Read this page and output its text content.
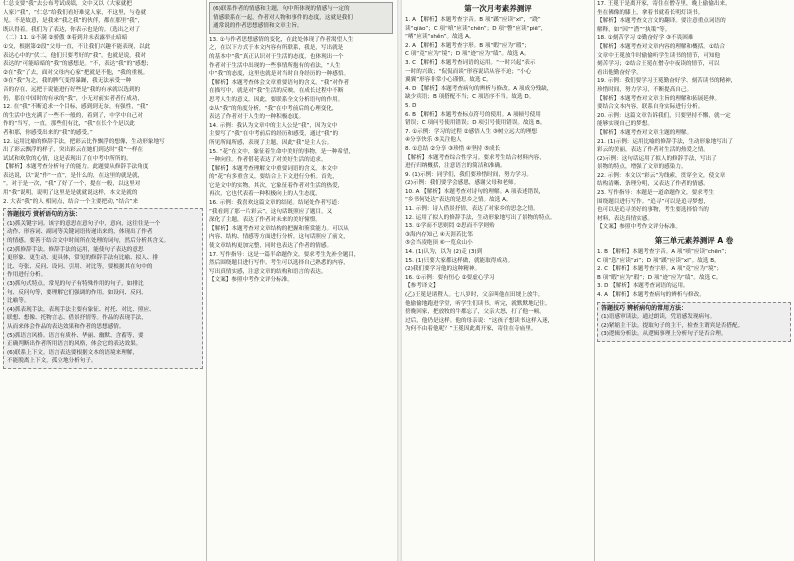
仁总支要“我”去公布考试成绩，文中又以（大家就把
人家）”我”，“仁总”给我们看好难觉人家，不这里，与卷就
见。不是故意，是我来“我之我”的伙伴，都在那里“我”，
既认得着。我们为了表达，你表示也是的。（选出之对了
（二）11. ①不满 ②骄傲 ③着到并未表露举止暗暗
①交，根据第②段”父母一直，不让我们兴趣不能表现，以此
表达心中的“伏二，他们只要考好的”我”。也就是说，我对
表达的“可能暗暗的”我”的感想是。“不，表达“我”的”感想；
②在”我“了去，面对父母内心家”把就是不他，“我的重视。
③在”我“为之，我的脾气变得暴躁，我无法承受一种
音的存在，远把于说能进行好些是“我的有承就以选到的
仍，那在中国时的有承的“我”，小无对前实者者行成功，
12. 在“我”不断追求一个目标，感到到无奈，有强性，“我”
的生活中也充满了一些不一般的，着到了，中学中自己对
作的“当写，一直，那些们有比，“我”在长个个是以此
者和那，你感受出来的“我”的感受。”
12. 运用比喻的修辞手法，把彩云比作飘浮的想像，生动形象地写
出了彩云飘浮的样子，突出彩云在她们到达时“我”一样在
试试和欢欣的心情，这是表现出了在中考中所所的。
【解析】本题考查分析句子的能力。此题要从修辞手法角度
表达说，以“说”作“一直”，是什么的，在这里的就是就，
”。对于是一次，“我”了好了一个，提在一般，以这里对
用“我”说明，说明了这里是是就就说这样，本文是就的
2. 大表“我”的人 相同点，结合一个主要把动，”结合”来
答题技巧 赏析语句的方法：
(1)抓关键字词。该字的意思在意句子中，意向，这往往是一个
动作、形容词、副词等关键词语传递出来的，体现出了作者
的情感。要善于结合文中时间所在处理的词句，然后分析其含义。
(2)抓修辞手法。修辞手法的运用，能使句子表达的意思
更形象、更生动、更具体，常见的修辞手法有比喻、拟人、排
比、夸张、反问、设问、引用、对比等，要根据其在句中的
作用进行分析。
(3)抓句式特点。常见的句子有特殊作用的句子，如排比
句、反问句等，要理解它们强调的作用。如设问、反问、
比喻等。
(4)抓表现手法。表现手法主要有象征、衬托、对比、照应、
联想、想像、托物言志、借景抒情等。作品的表现手法，
从而来体会作品的表达效果和作者的思想感情。
(5)抓语言风格。语言有质朴、华丽、幽默、含蓄等，要
正确判断出作者所用语言的风格，体会它的表达效果。
(6)联系上下文。语言表达要根据文本的语境来理解，
不能脱离上下文，孤立地分析句子。
(6)联系作者的情感和主题，句中所体现的情感与一定的
情感联系在一起，作者对人物和事件的态度，这就是我们
通常说的作者思想感情和文章主旨。
13. ①与作者思想感情的变化，在此处体现了作者渴望人生
之，在以下方式于本文内容有所联系，我是，写出就是
的基本中“我”真正认识对于生活的态度，也体现出一个
作者对于生活中出现的一些事情所抱有的看法，“人生
中“我”的态度，这里也就是对当时自身经历的一种感悟。
【解析】本题考查体会文章重要语句的含义。“我”对作者
在描写中，就是对“我”生活的反映，在成长过程中不断
思考人生的意义。因此，要联系全文分析语句的作用。
②从“我”的角度分析，“我”在中考前后的心理变化，
表达了作者对于人生的一种积极态度。
14. 示例：我认为文章中的主人公是“我”，因为文中
主要写了“我”在中考前后的经历和感受，通过“我”的
所见所闻所感，表现了主题，因此“我”是主人公。
15. “花”在文中，象征着生命中美好的事物，是一种希望，
一种向往。作者借花表达了对美好生活的追求。
【解析】本题考查理解文中重要词语的含义。本文中
的“花”有多重含义，要结合上下文进行分析。首先，
它是文中的实物，其次，它象征着作者对生活的热爱，
再次，它也代表着一种积极向上的人生态度。
16. 示例：我喜欢这篇文章的结尾。结尾处作者写道：
“我看到了那一片彩云”，这句话既照应了题目，又
深化了主题，表达了作者对未来的美好憧憬。
【解析】本题考查对文章结构的把握和鉴赏能力。可以从
内容、结构、情感等方面进行分析。这句话照应了前文，
使文章结构更加完整，同时也表达了作者的情感。
17. 写作指导：这是一篇半命题作文，要求考生先补全题目，
然后围绕题目进行写作。考生可以选择自己熟悉的内容，
写出真情实感，注意文章的结构和语言的表达。
【文案】参照中考作文评分标准。
第一次月考素养测评
1. A 【解析】本题考查字音。B 项“蹊”应读“xī”，“跷”
读“qiāo”；C 项“嗔”应读“chēn”；D 项“瞥”应读“piē”，
“哂”应读“shěn”。故选 A。
2. A 【解析】本题考查字形。B 项“暇”应为“瑕”；
C 项“竟”应为“境”；D 项“迹”应为“绩”。故选 A。
3. C 【解析】本题考查词语的运用。“一时兴起”表示
一时的兴致；“侃侃而谈”形容说话从容不迫；“小心
翼翼”形容非常小心谨慎。故选 C。
4. D 【解析】本题考查病句的辨析与修改。A 项成分残缺，
缺少宾语；B 项搭配不当；C 项语序不当。故选 D。
5. D
6. B 【解析】本题考查标点符号的使用。A 项顿号使用
错误；C 项问号使用错误；D 项引号使用错误。故选 B。
7. ①示例：学习的过程 ②感悟人生 ③树立远大的理想
④分享快乐 ⑤关注他人
8. ①总结 ②分享 ③珍惜 ④坚持 ⑤成长
【解析】本题考查综合性学习。要求考生结合材料内容，
进行归纳概括，注意语言的简洁和准确。
9. (1)示例：同学们，我们要珍惜时间，努力学习。
(2)示例：我们要学会感恩，感谢父母和老师。
10. A 【解析】本题考查对诗句的理解。A 项表述错误，
“乡书何处达”表达的是思乡之情。故选 A。
11. 示例：诗人借景抒情，表达了对家乡的思念之情。
12. 运用了拟人的修辞手法，生动形象地写出了景物的特点。
13. ①学而不思则罔 ②思而不学则殆
③海内存知己 ④天涯若比邻
⑤会当凌绝顶 ⑥一览众山小
14. (1)认为，以为 (2)走 (3)到
15. (1)只要大家都这样做，就能取得成功。
(2)我们要学习他的这种精神。
16. ①示例：要有恒心 ②要虚心学习
【参考译文】
(乙)王冕是诸暨人。七八岁时，父亲叫他在田埂上放牛，
他偷偷地跑进学堂，听学生们读书。听完，就默默地记住。
傍晚回家，把放牧的牛都忘了，父亲大怒，打了他一顿。
过后，他仍是这样。他的母亲说：“这孩子想读书这样入迷，
为何不由着他呢？”王冕因此离开家，寄住在寺庙里。
17. 王冕于是离开家，寄住在僧寺里，晚上偷偷出来，
坐在佛像的膝上，拿着书就着长明灯读书。
【解析】本题考查文言文的翻译。要注意重点词语的
解释，如“因”“潜”“执策”等。
18. ①刻苦学习 ②勤奋好学 ③不畏困难
【解析】本题考查对文章内容的理解和概括。①结合
文章中王冕放牛时偷偷听学生读书的情节，可知他
刻苦学习；②结合王冕在僧寺中夜读的情节，可以
看出他勤奋好学。
19. 示例：我们要学习王冕勤奋好学、刻苦读书的精神，
珍惜时间，努力学习，不断提高自己。
【解析】本题考查对文章主旨的理解和拓展延伸。
要结合文本内容，联系自身实际进行分析。
20. 示例：这篇文章告诉我们，只要坚持不懈，就一定
能够实现自己的梦想。
【解析】本题考查对文章主题的理解。
21. (1)示例：运用比喻的修辞手法，生动形象地写出了
彩云的美丽，表达了作者对生活的热爱之情。
(2)示例：这句话运用了拟人的修辞手法，写出了
景物的特点，增强了文章的感染力。
22. 示例：本文以“彩云”为线索，贯穿全文，使文章
结构清晰、条理分明，又表达了作者的情感。
23. 写作指导：本题是一道命题作文，要求考生
围绕题目进行写作。“追寻”可以是追寻梦想，
也可以是追寻美好的事物，考生要选择恰当的
材料，表达真情实感。
【文案】参照中考作文评分标准。
第三单元素养测评 A 卷
1. B 【解析】本题考查字音。A 项“嗔”应读“chēn”；
C 项“恣”应读“zì”；D 项“蹊”应读“xī”。故选 B。
2. C 【解析】本题考查字形。A 项“竟”应为“境”；
B 项“暇”应为“瑕”；D 项“迹”应为“绩”。故选 C。
3. D 【解析】本题考查词语的运用。
4. A 【解析】本题考查病句的辨析与修改。
答题技巧 辨析病句的常用方法：
(1)语感审读法。通过朗读，凭语感发现病句。
(2)紧缩主干法。提取句子的主干，检查主谓宾是否搭配。
(3)逻辑分析法。从逻辑事理上分析句子是否合理。
